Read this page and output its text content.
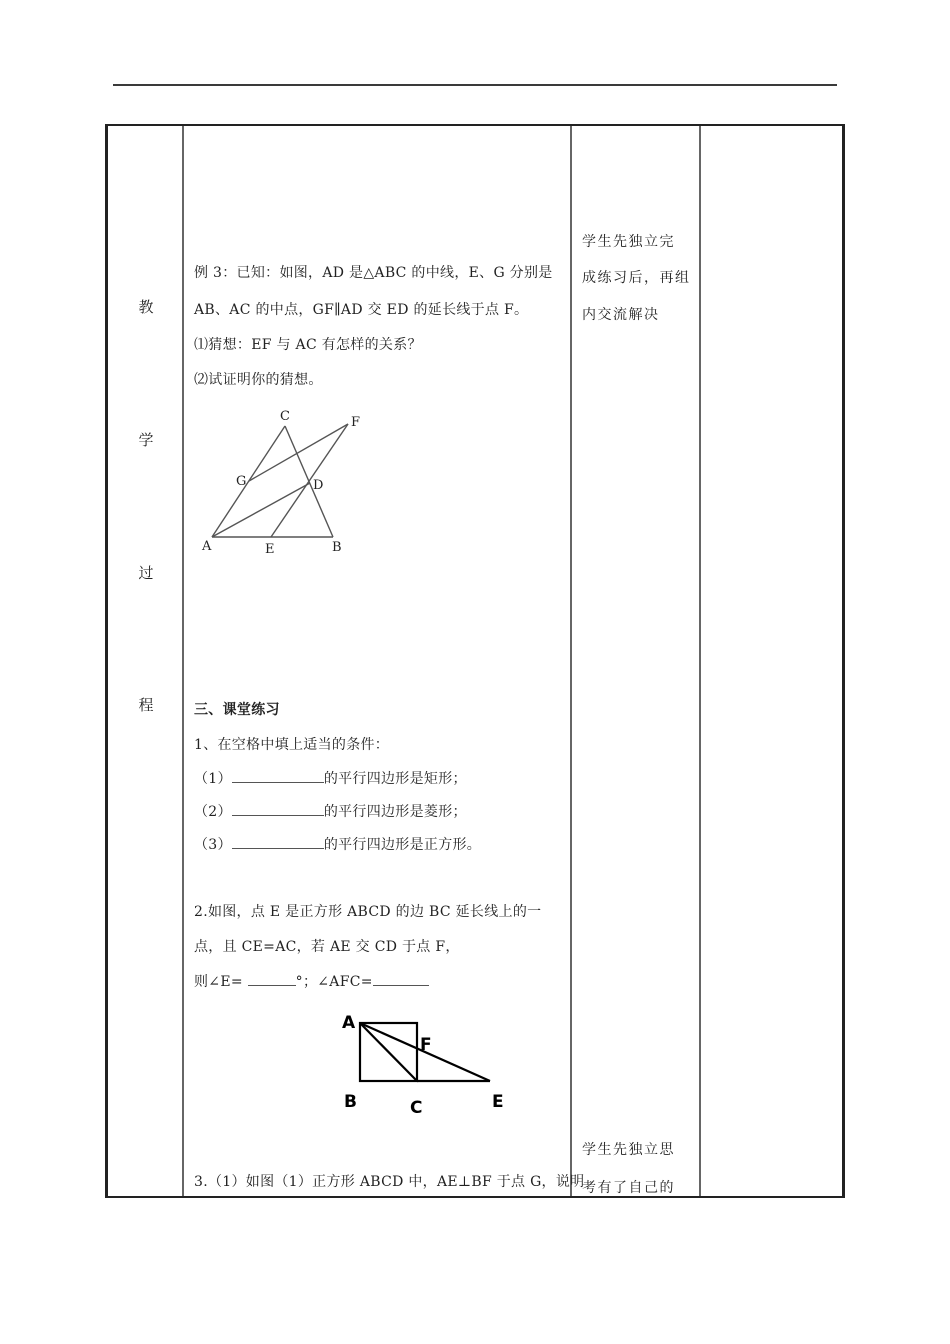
教
学
过
程
例 3：已知：如图，AD 是△ABC 的中线，E、G 分别是
AB、AC 的中点，GF∥AD 交 ED 的延长线于点 F。
⑴猜想：EF 与 AC 有怎样的关系？
⑵试证明你的猜想。
C	F
G	D
A	E	B
三、课堂练习
1、在空格中填上适当的条件：
（1）	的平行四边形是矩形；
（2）	的平行四边形是菱形；
（3）	的平行四边形是正方形。
2.如图，点 E 是正方形 ABCD 的边 BC 延长线上的一
点，且 CE=AC，若 AE 交 CD 于点 F，
则∠E=	°；∠AFC=
A
F
B	C	E
3.（1）如图（1）正方形 ABCD 中，AE⊥BF 于点 G，说明
学生先独立完
成练习后，再组
内交流解决
学生先独立思
考有了自己的
